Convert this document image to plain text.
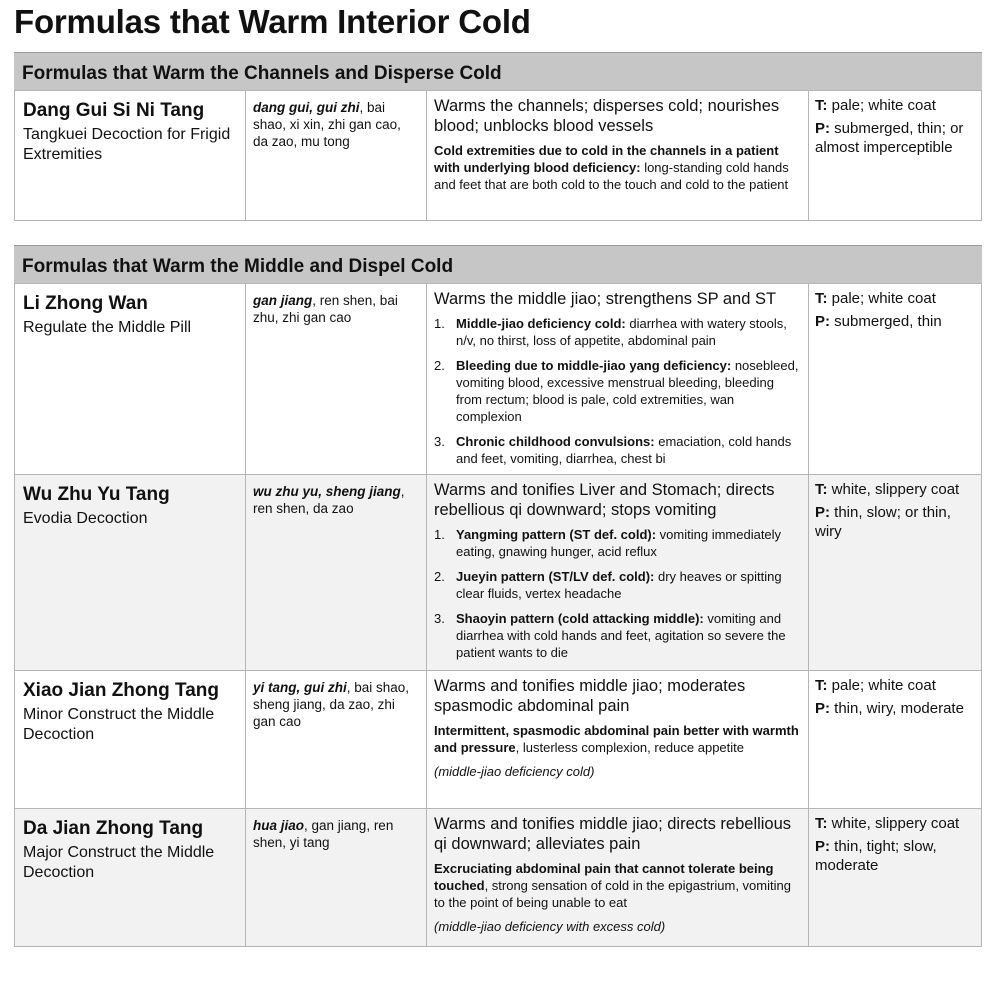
Formulas that Warm Interior Cold
Formulas that Warm the Channels and Disperse Cold
Dang Gui Si Ni Tang
Tangkuei Decoction for Frigid Extremities
dang gui, gui zhi, bai shao, xi xin, zhi gan cao, da zao, mu tong
Warms the channels; disperses cold; nourishes blood; unblocks blood vessels
Cold extremities due to cold in the channels in a patient with underlying blood deficiency: long-standing cold hands and feet that are both cold to the touch and cold to the patient
T: pale; white coat
P: submerged, thin; or almost imperceptible
Formulas that Warm the Middle and Dispel Cold
Li Zhong Wan
Regulate the Middle Pill
gan jiang, ren shen, bai zhu, zhi gan cao
Warms the middle jiao; strengthens SP and ST
1. Middle-jiao deficiency cold: diarrhea with watery stools, n/v, no thirst, loss of appetite, abdominal pain
2. Bleeding due to middle-jiao yang deficiency: nosebleed, vomiting blood, excessive menstrual bleeding, bleeding from rectum; blood is pale, cold extremities, wan complexion
3. Chronic childhood convulsions: emaciation, cold hands and feet, vomiting, diarrhea, chest bi
T: pale; white coat
P: submerged, thin
Wu Zhu Yu Tang
Evodia Decoction
wu zhu yu, sheng jiang, ren shen, da zao
Warms and tonifies Liver and Stomach; directs rebellious qi downward; stops vomiting
1. Yangming pattern (ST def. cold): vomiting immediately eating, gnawing hunger, acid reflux
2. Jueyin pattern (ST/LV def. cold): dry heaves or spitting clear fluids, vertex headache
3. Shaoyin pattern (cold attacking middle): vomiting and diarrhea with cold hands and feet, agitation so severe the patient wants to die
T: white, slippery coat
P: thin, slow; or thin, wiry
Xiao Jian Zhong Tang
Minor Construct the Middle Decoction
yi tang, gui zhi, bai shao, sheng jiang, da zao, zhi gan cao
Warms and tonifies middle jiao; moderates spasmodic abdominal pain
Intermittent, spasmodic abdominal pain better with warmth and pressure, lusterless complexion, reduce appetite
(middle-jiao deficiency cold)
T: pale; white coat
P: thin, wiry, moderate
Da Jian Zhong Tang
Major Construct the Middle Decoction
hua jiao, gan jiang, ren shen, yi tang
Warms and tonifies middle jiao; directs rebellious qi downward; alleviates pain
Excruciating abdominal pain that cannot tolerate being touched, strong sensation of cold in the epigastrium, vomiting to the point of being unable to eat
(middle-jiao deficiency with excess cold)
T: white, slippery coat
P: thin, tight; slow, moderate
